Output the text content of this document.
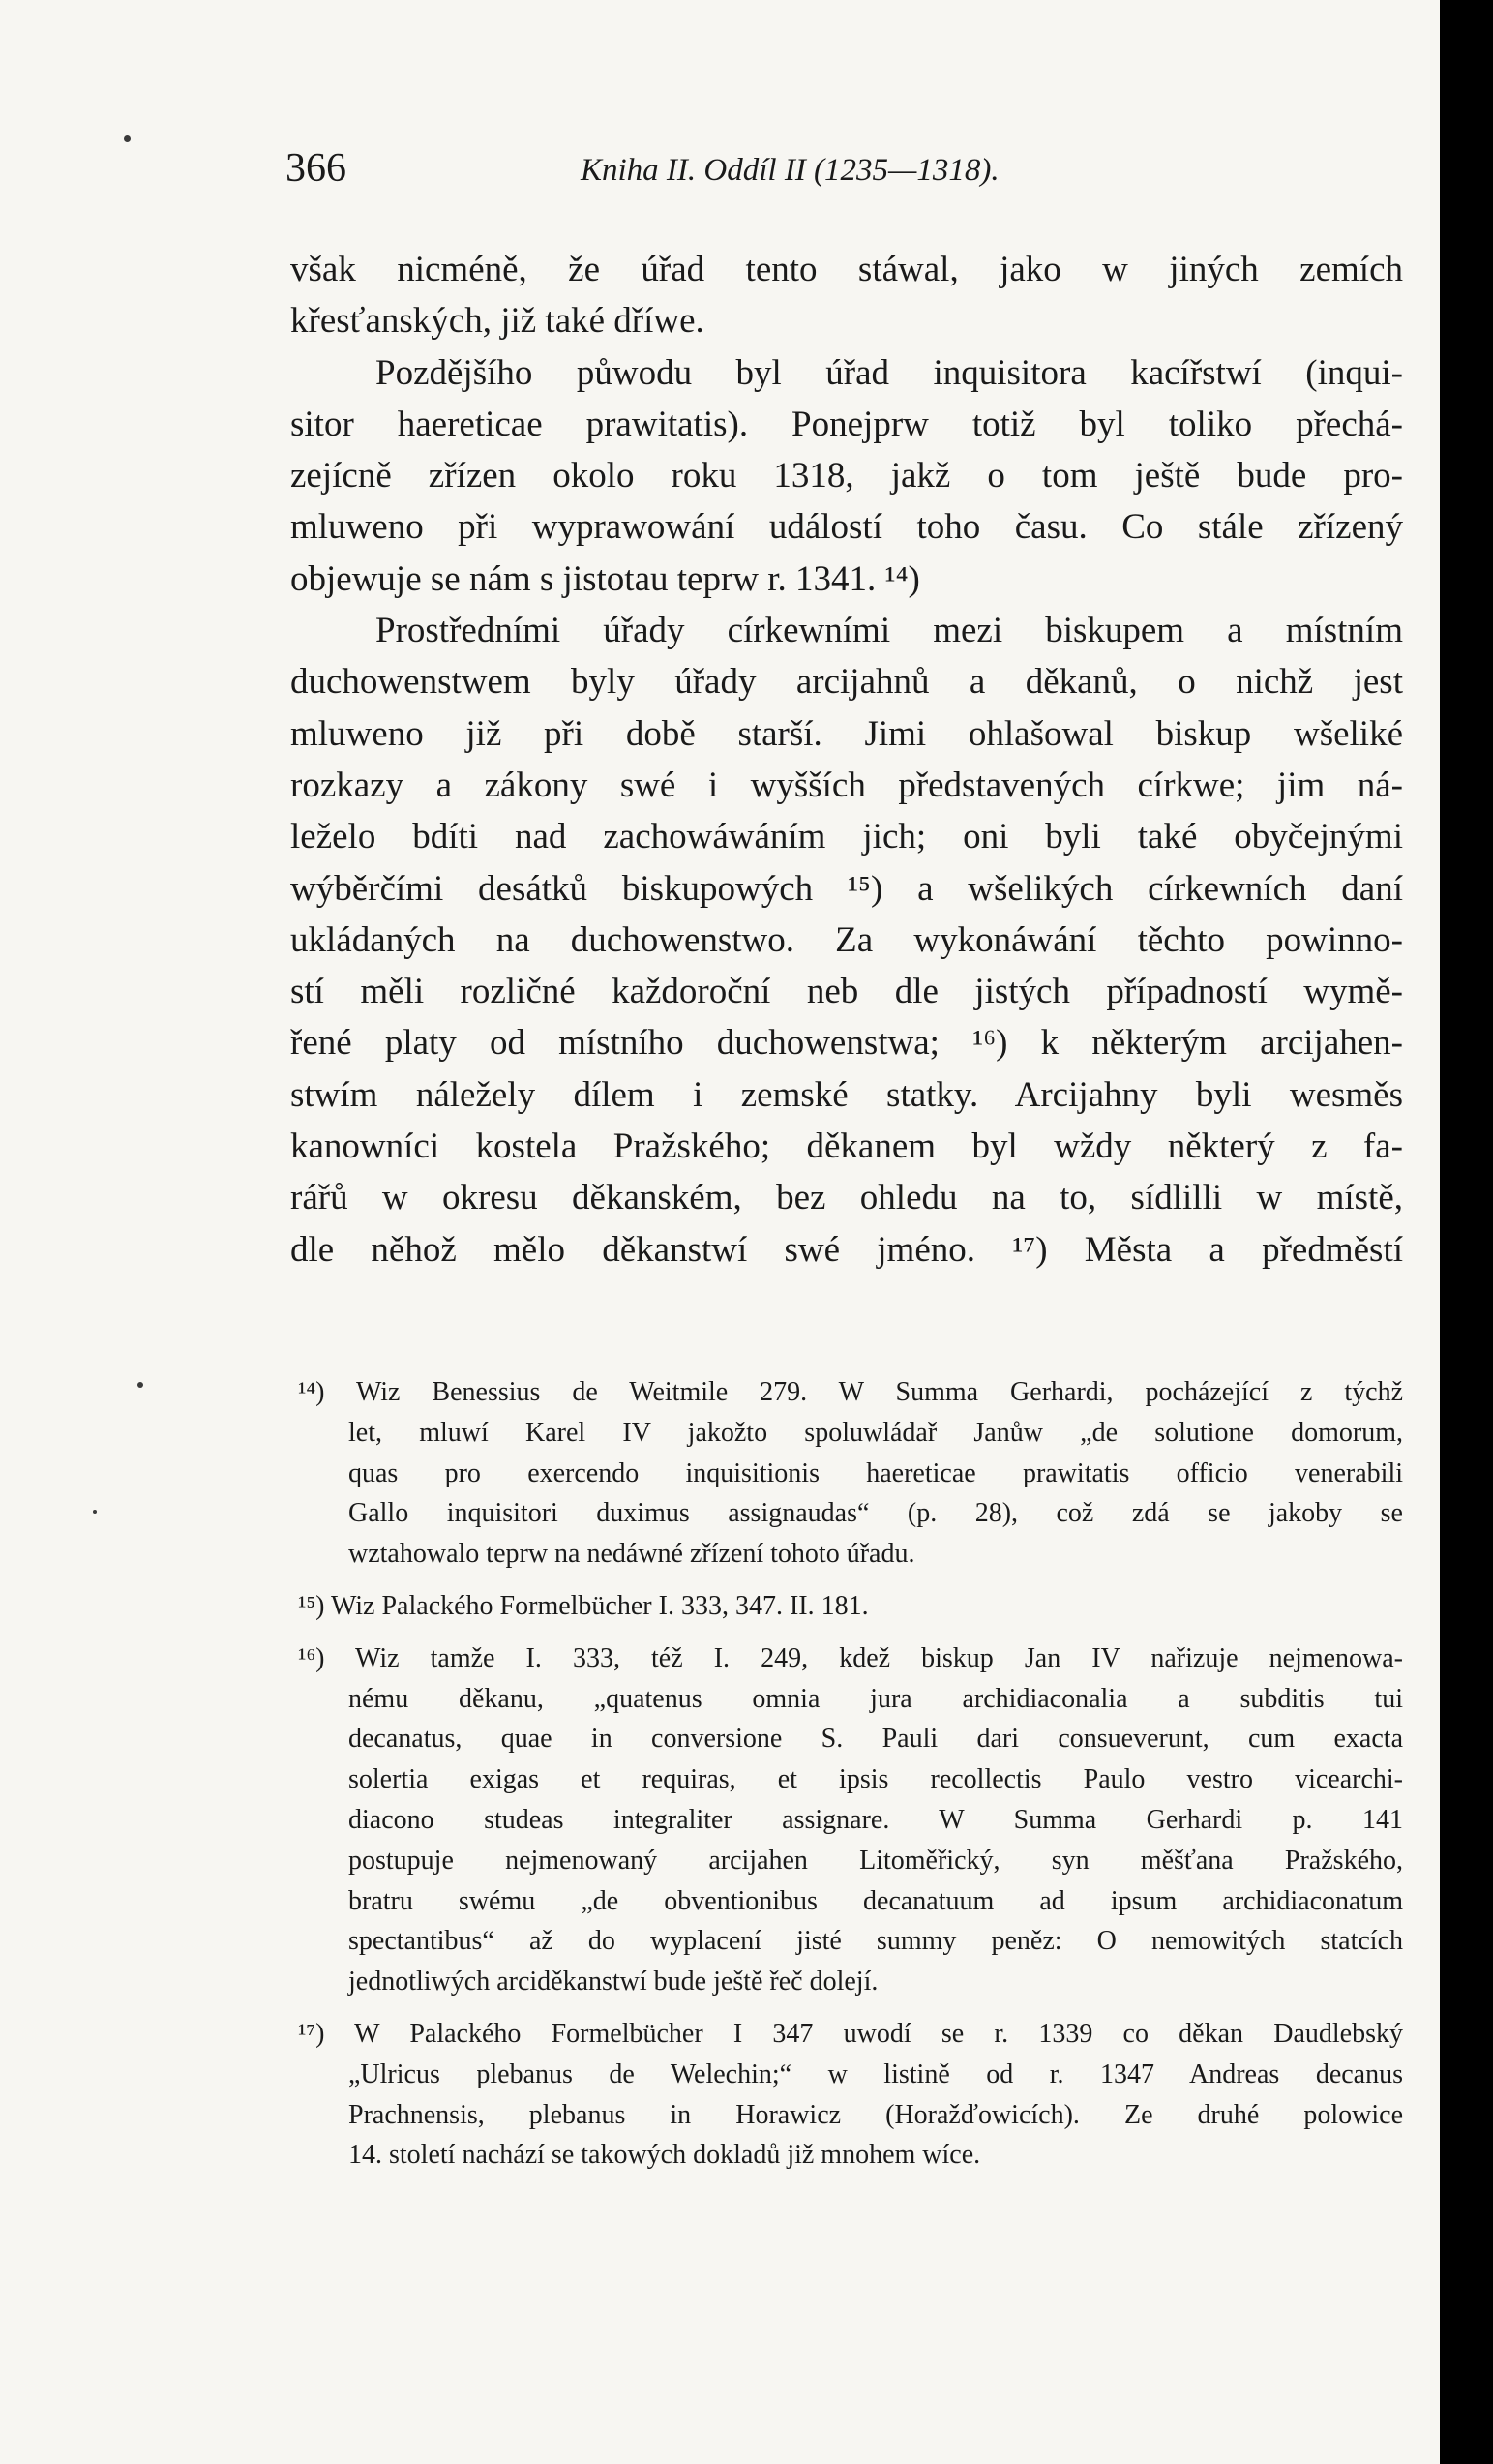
366	Kniha II. Oddíl II (1235—1318).
však nicméně, že úřad tento stáwal, jako w jiných zemích
křesťanských, již také dříwe.
Pozdějšího půwodu byl úřad inquisitora kacířstwí (inqui-
sitor haereticae prawitatis). Ponejprw totiž byl toliko přechá-
zejícně zřízen okolo roku 1318, jakž o tom ještě bude pro-
mluweno při wyprawowání událostí toho času. Co stále zřízený
objewuje se nám s jistotau teprw r. 1341. ¹⁴)
Prostředními úřady církewními mezi biskupem a místním
duchowenstwem byly úřady arcijahnů a děkanů, o nichž jest
mluweno již při době starší. Jimi ohlašowal biskup wšeliké
rozkazy a zákony swé i wyšších představených církwe; jim ná-
leželo bdíti nad zachowáwáním jich; oni byli také obyčejnými
wýběrčími desátků biskupowých ¹⁵) a wšelikých církewních daní
ukládaných na duchowenstwo. Za wykonáwání těchto powinno-
stí měli rozličné každoroční neb dle jistých případností wymě-
řené platy od místního duchowenstwa; ¹⁶) k některým arcijahen-
stwím náležely dílem i zemské statky. Arcijahny byli wesměs
kanowníci kostela Pražského; děkanem byl wždy některý z fa-
rářů w okresu děkanském, bez ohledu na to, sídlilli w místě,
dle něhož mělo děkanstwí swé jméno. ¹⁷) Města a předměstí
¹⁴) Wiz Benessius de Weitmile 279. W Summa Gerhardi, pocházející z týchž
let, mluwí Karel IV jakožto spoluwládař Janůw „de solutione domorum,
quas pro exercendo inquisitionis haereticae prawitatis officio venerabili
Gallo inquisitori duximus assignaudas“ (p. 28), což zdá se jakoby se
wztahowalo teprw na nedáwné zřízení tohoto úřadu.
¹⁵) Wiz Palackého Formelbücher I. 333, 347. II. 181.
¹⁶) Wiz tamže I. 333, též I. 249, kdež biskup Jan IV nařizuje nejmenowa-
nému děkanu, „quatenus omnia jura archidiaconalia a subditis tui
decanatus, quae in conversione S. Pauli dari consueverunt, cum exacta
solertia exigas et requiras, et ipsis recollectis Paulo vestro vicearchi-
diacono studeas integraliter assignare. W Summa Gerhardi p. 141
postupuje nejmenowaný arcijahen Litoměřický, syn měšťana Pražského,
bratru swému „de obventionibus decanatuum ad ipsum archidiaconatum
spectantibus“ až do wyplacení jisté summy peněz: O nemowitých statcích
jednotliwých arciděkanstwí bude ještě řeč dolejí.
¹⁷) W Palackého Formelbücher I 347 uwodí se r. 1339 co děkan Daudlebský
„Ulricus plebanus de Welechin;“ w listině od r. 1347 Andreas decanus
Prachnensis, plebanus in Horawicz (Horažďowicích). Ze druhé polowice
14. století nachází se takowých dokladů již mnohem wíce.
